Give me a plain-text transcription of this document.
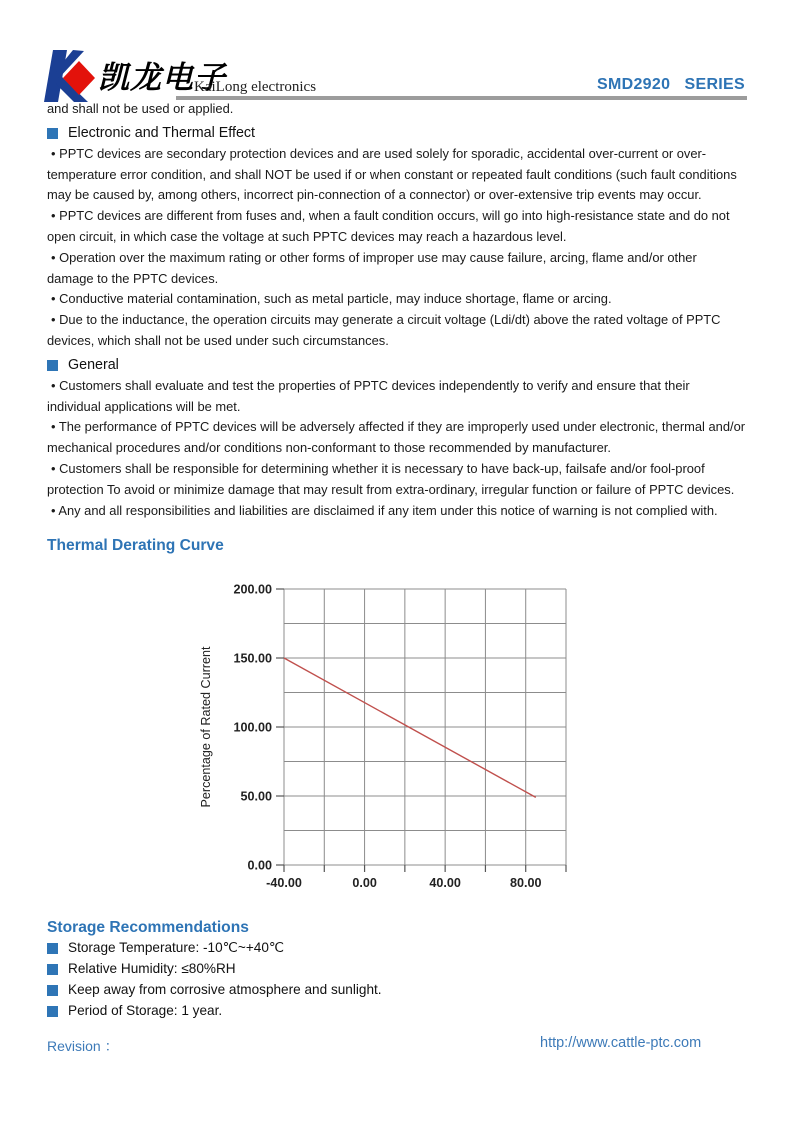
凯龙电子
KaiLong electronics	SMD2920   SERIES

and shall not be used or applied.

Electronic and Thermal Effect

• PPTC devices are secondary protection devices and are used solely for sporadic, accidental over-current or over-temperature error condition, and shall NOT be used if or when constant or repeated fault conditions (such fault conditions may be caused by, among others, incorrect pin-connection of a connector) or over-extensive trip events may occur.

• PPTC devices are different from fuses and, when a fault condition occurs, will go into high-resistance state and do not open circuit, in which case the voltage at such PPTC devices may reach a hazardous level.

• Operation over the maximum rating or other forms of improper use may cause failure, arcing, flame and/or other damage to the PPTC devices.

• Conductive material contamination, such as metal particle, may induce shortage, flame or arcing.

• Due to the inductance, the operation circuits may generate a circuit voltage (Ldi/dt) above the rated voltage of PPTC devices, which shall not be used under such circumstances.

General

• Customers shall evaluate and test the properties of PPTC devices independently to verify and ensure that their individual applications will be met.

• The performance of PPTC devices will be adversely affected if they are improperly used under electronic, thermal and/or mechanical procedures and/or conditions non-conformant to those recommended by manufacturer.

• Customers shall be responsible for determining whether it is necessary to have back-up, failsafe and/or fool-proof protection To avoid or minimize damage that may result from extra-ordinary, irregular function or failure of PPTC devices.

• Any and all responsibilities and liabilities are disclaimed if any item under this notice of warning is not complied with.

Thermal Derating Curve
0.00
50.00
100.00
150.00
200.00
-40.00	0.00	40.00	80.00
Percentage of Rated Current
Storage Recommendations
Storage Temperature: -10℃~+40℃
Relative Humidity: ≤80%RH
Keep away from corrosive atmosphere and sunlight.
Period of Storage: 1 year.
Revision ：	http://www.cattle-ptc.com
